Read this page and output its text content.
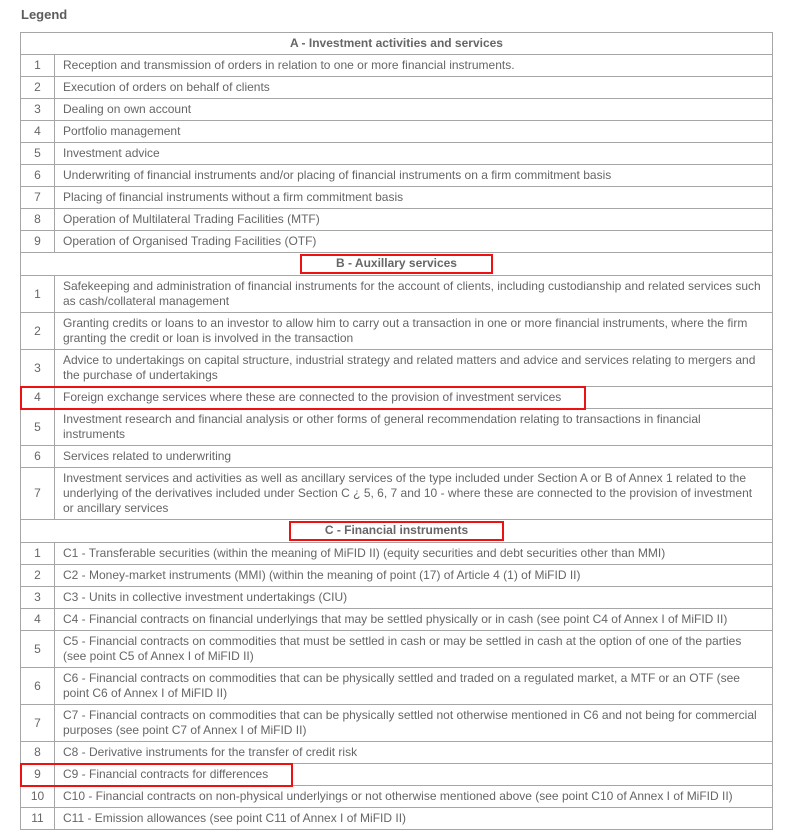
Legend
A - Investment activities and services	
1	Reception and transmission of orders in relation to one or more financial instruments.
2	Execution of orders on behalf of clients
3	Dealing on own account
4	Portfolio management
5	Investment advice
6	Underwriting of financial instruments and/or placing of financial instruments on a firm commitment basis
7	Placing of financial instruments without a firm commitment basis
8	Operation of Multilateral Trading Facilities (MTF)
9	Operation of Organised Trading Facilities (OTF)
B - Auxillary services	
1	Safekeeping and administration of financial instruments for the account of clients, including custodianship and related services such as cash/collateral management
2	Granting credits or loans to an investor to allow him to carry out a transaction in one or more financial instruments, where the firm granting the credit or loan is involved in the transaction
3	Advice to undertakings on capital structure, industrial strategy and related matters and advice and services relating to mergers and the purchase of undertakings
4	Foreign exchange services where these are connected to the provision of investment services
5	Investment research and financial analysis or other forms of general recommendation relating to transactions in financial instruments
6	Services related to underwriting
7	Investment services and activities as well as ancillary services of the type included under Section A or B of Annex 1 related to the underlying of the derivatives included under Section C ¿ 5, 6, 7 and 10 - where these are connected to the provision of investment or ancillary services
C - Financial instruments	
1	C1 - Transferable securities (within the meaning of MiFID II) (equity securities and debt securities other than MMI)
2	C2 - Money-market instruments (MMI) (within the meaning of point (17) of Article 4 (1) of MiFID II)
3	C3 - Units in collective investment undertakings (CIU)
4	C4 - Financial contracts on financial underlyings that may be settled physically or in cash (see point C4 of Annex I of MiFID II)
5	C5 - Financial contracts on commodities that must be settled in cash or may be settled in cash at the option of one of the parties (see point C5 of Annex I of MiFID II)
6	C6 - Financial contracts on commodities that can be physically settled and traded on a regulated market, a MTF or an OTF (see point C6 of Annex I of MiFID II)
7	C7 - Financial contracts on commodities that can be physically settled not otherwise mentioned in C6 and not being for commercial purposes (see point C7 of Annex I of MiFID II)
8	C8 - Derivative instruments for the transfer of credit risk
9	C9 - Financial contracts for differences
10	C10 - Financial contracts on non-physical underlyings or not otherwise mentioned above (see point C10 of Annex I of MiFID II)
11	C11 - Emission allowances (see point C11 of Annex I of MiFID II)
